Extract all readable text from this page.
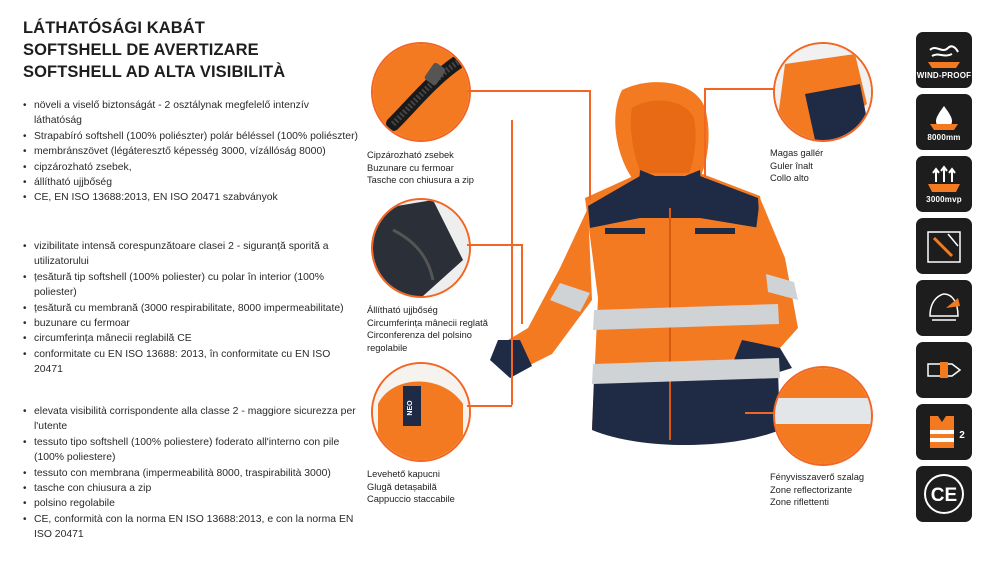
LÁTHATÓSÁGI KABÁT
SOFTSHELL DE AVERTIZARE
SOFTSHELL AD ALTA VISIBILITÀ
• növeli a viselő biztonságát - 2 osztálynak megfelelő intenzív láthatóság
• Strapabíró softshell (100% poliészter) polár béléssel (100% poliészter)
• membránszövet (légáteresztő képesség 3000, vízállóság 8000)
• cipzározható zsebek,
• állítható ujjbőség
• CE, EN ISO 13688:2013, EN ISO 20471 szabványok
• vizibilitate intensă corespunzătoare clasei 2 - siguranță sporită a utilizatorului
• țesătură tip softshell (100% poliester) cu polar în interior (100% poliester)
• țesătură cu membrană (3000 respirabilitate, 8000 impermeabilitate)
• buzunare cu fermoar
• circumferința mânecii reglabilă CE
• conformitate cu EN ISO 13688: 2013, în conformitate cu EN ISO 20471
• elevata visibilità corrispondente alla classe 2 - maggiore sicurezza per l'utente
• tessuto tipo softshell (100% poliestere) foderato all'interno con pile (100% poliestere)
• tessuto con membrana (impermeabilità 8000, traspirabilità 3000)
• tasche con chiusura a zip
• polsino regolabile
• CE, conformità con la norma EN ISO 13688:2013, e con la norma EN ISO 20471
NEO
Cipzározható zsebek
Buzunare cu fermoar
Tasche con chiusura a zip
Állítható ujjbőség
Circumferința mânecii reglată
Circonferenza del polsino
regolabile
Levehető kapucni
Glugă detașabilă
Cappuccio staccabile
Magas gallér
Guler înalt
Collo alto
Fényvisszaverő szalag
Zone reflectorizante
Zone riflettenti
WIND-PROOF
8000mm
3000mvp
2
CE
